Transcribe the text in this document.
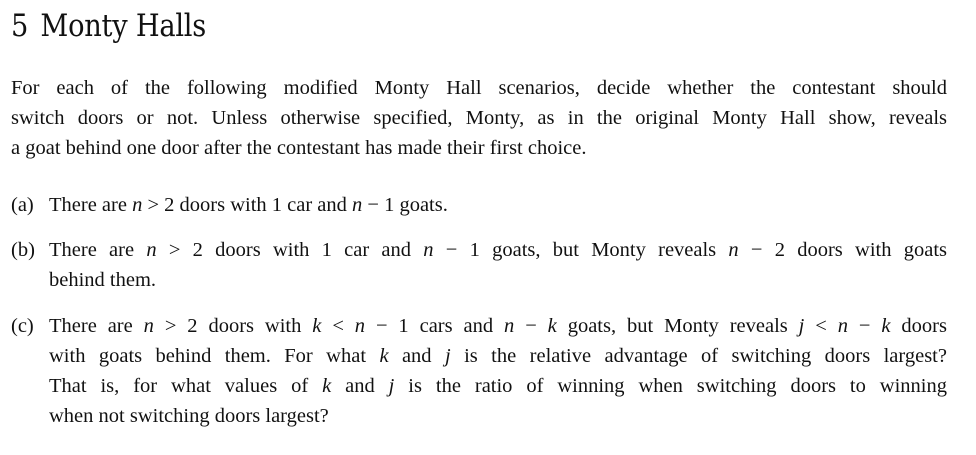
5 Monty Halls
For each of the following modified Monty Hall scenarios, decide whether the contestant should
switch doors or not. Unless otherwise specified, Monty, as in the original Monty Hall show, reveals
a goat behind one door after the contestant has made their first choice.
(a) There are n > 2 doors with 1 car and n − 1 goats.
(b) There are n > 2 doors with 1 car and n − 1 goats, but Monty reveals n − 2 doors with goats
behind them.
(c) There are n > 2 doors with k < n − 1 cars and n − k goats, but Monty reveals j < n − k doors
with goats behind them. For what k and j is the relative advantage of switching doors largest?
That is, for what values of k and j is the ratio of winning when switching doors to winning
when not switching doors largest?
